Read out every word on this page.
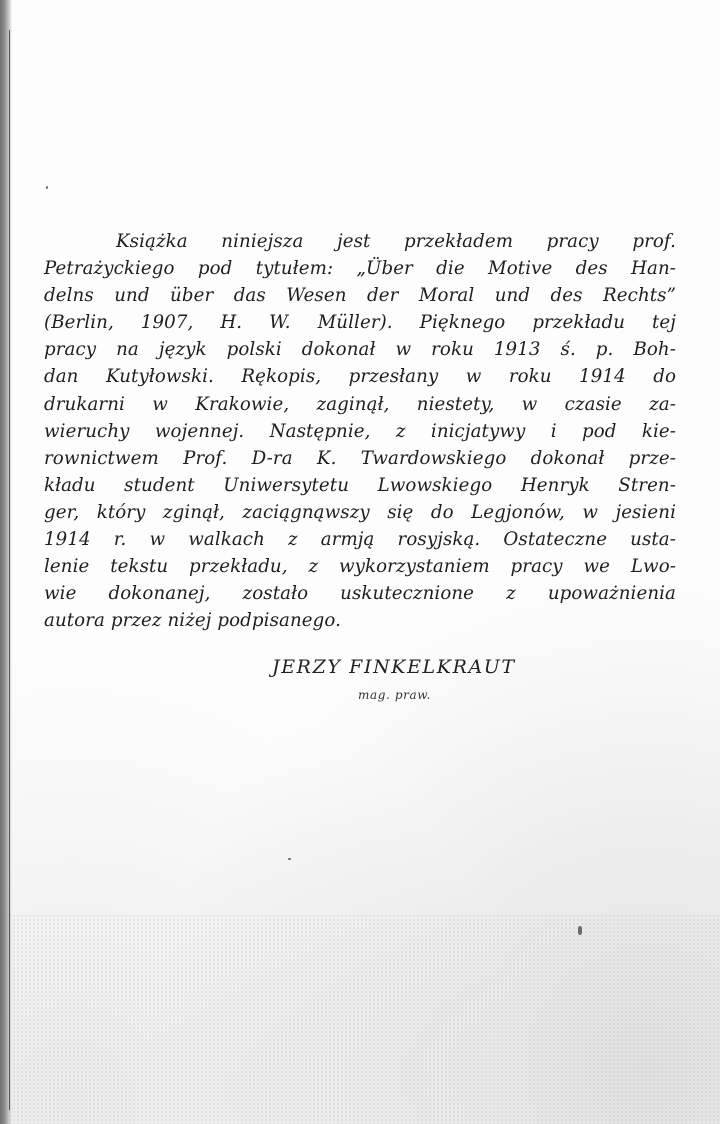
Książka niniejsza jest przekładem pracy prof.
Petrażyckiego pod tytułem: „Über die Motive des Han-
delns und über das Wesen der Moral und des Rechts”
(Berlin, 1907, H. W. Müller). Pięknego przekładu tej
pracy na język polski dokonał w roku 1913 ś. p. Boh-
dan Kutyłowski. Rękopis, przesłany w roku 1914 do
drukarni w Krakowie, zaginął, niestety, w czasie za-
wieruchy wojennej. Następnie, z inicjatywy i pod kie-
rownictwem Prof. D-ra K. Twardowskiego dokonał prze-
kładu student Uniwersytetu Lwowskiego Henryk Stren-
ger, który zginął, zaciągnąwszy się do Legjonów, w jesieni
1914 r. w walkach z armją rosyjską. Ostateczne usta-
lenie tekstu przekładu, z wykorzystaniem pracy we Lwo-
wie dokonanej, zostało uskutecznione z upoważnienia
autora przez niżej podpisanego.
JERZY FINKELKRAUT
mag. praw.
